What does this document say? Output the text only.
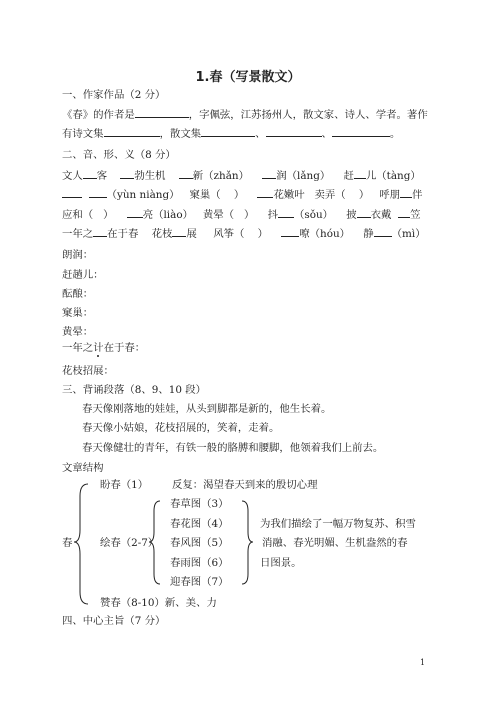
1.春（写景散文）
一、作家作品（2 分）
《春》的作者是	，字佩弦，江苏扬州人，散文家、诗人、学者。著作
有诗文集	，散文集	、	、	。
二、音、形、义（8 分）
文人 客	勃生机	新（zhǎn）	润（lǎng） 赶 儿（tàng）
（yùn niàng） 窠巢（ ）	花嫩叶 卖弄（ ） 呼朋 伴
应和（ ）	亮（liào） 黄晕（ ） 抖 （sǒu） 披 衣戴 笠
一年之 在于春 花枝 展 风筝（ ）	嘹（hóu） 静 （mì）
朗润：
赶趟儿：
酝酿：
窠巢：
黄晕：
一年之计在于春：
花枝招展：
三、背诵段落（8、9、10 段）
春天像刚落地的娃娃，从头到脚都是新的，他生长着。
春天像小姑娘，花枝招展的，笑着，走着。
春天像健壮的青年，有铁一般的胳膊和腰脚，他领着我们上前去。
文章结构
春
盼春（1） 反复：渴望春天到来的殷切心理
绘春（2-7）
春草图（3）
春花图（4）
春风图（5）
春雨图（6）
迎春图（7）
为我们描绘了一幅万物复苏、积雪
消融、春光明媚、生机盎然的春
日图景。
赞春（8-10）新、美、力
四、中心主旨（7 分）
1
